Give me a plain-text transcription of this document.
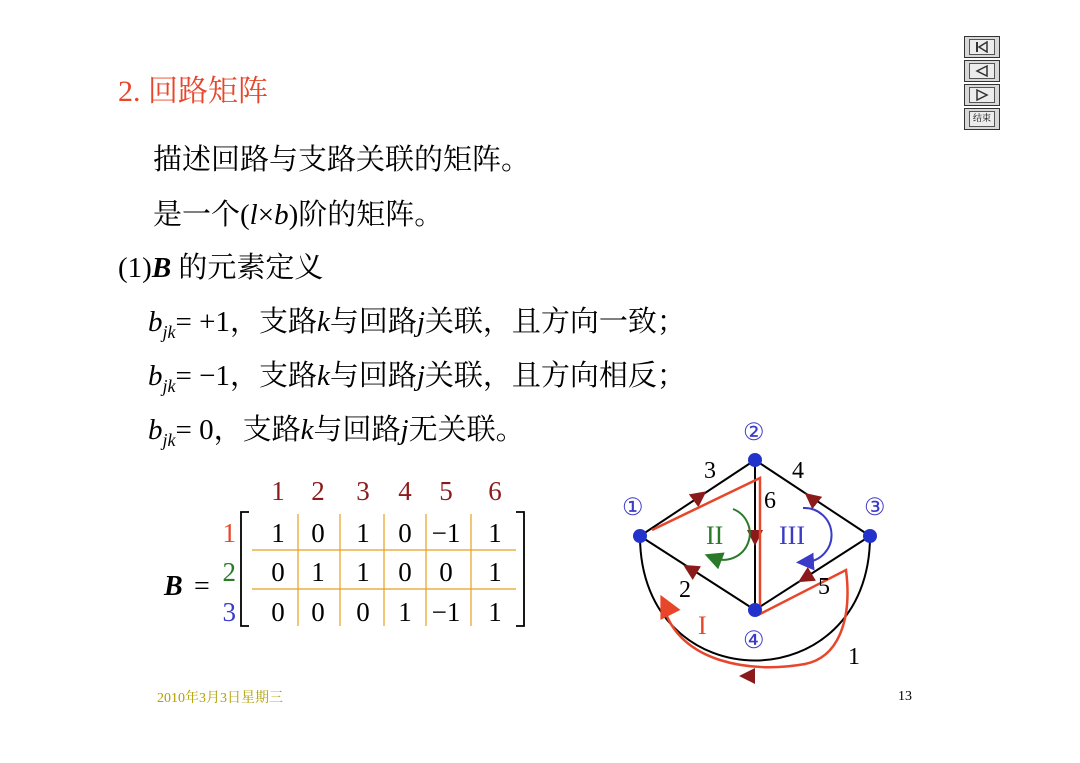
2. 回路矩阵
描述回路与支路关联的矩阵。
是一个(l×b)阶的矩阵。
(1)B 的元素定义
$b_{jk}= +1$，支路k与回路j关联，且方向一致；
$b_{jk}= -1$，支路k与回路j关联，且方向相反；
$b_{jk}= 0$，支路k与回路j无关联。
结束
B =
1 2 3 4 5 6
1
2
3
1 0 1 0 −1 1
0 1 1 0 0 1
0 0 0 1 −1 1
①
②
③
④
1
2
3	4
5
6
I
II III
2010年3月3日星期三	13
